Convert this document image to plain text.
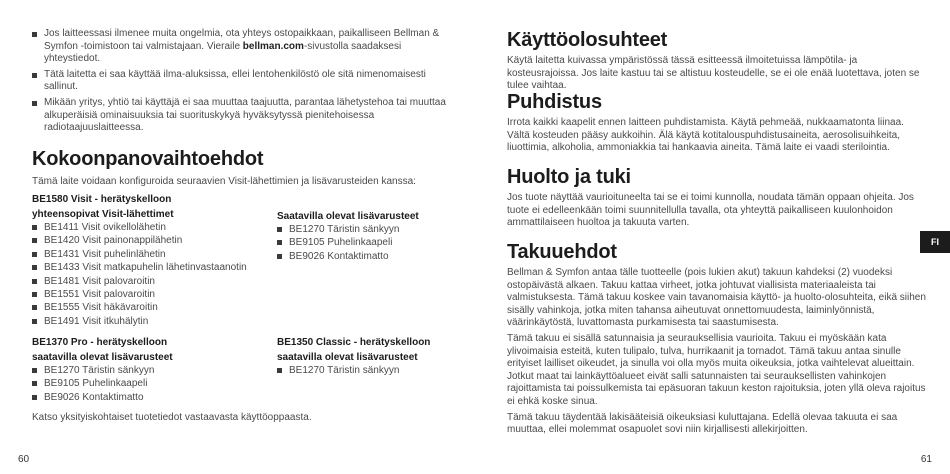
Jos laitteessasi ilmenee muita ongelmia, ota yhteys ostopaikkaan, paikalliseen Bellman & Symfon -toimistoon tai valmistajaan. Vieraile bellman.com-sivustolla saadaksesi yhteystiedot.
Tätä laitetta ei saa käyttää ilma-aluksissa, ellei lentohenkilöstö ole sitä nimenomaisesti sallinut.
Mikään yritys, yhtiö tai käyttäjä ei saa muuttaa taajuutta, parantaa lähetystehoa tai muuttaa alkuperäisiä ominaisuuksia tai suorituskykyä hyväksytyssä pienitehoisessa radiotaajuuslaitteessa.
Kokoonpanovaihtoehdot
Tämä laite voidaan konfiguroida seuraavien Visit-lähettimien ja lisävarusteiden kanssa:
BE1580 Visit - herätyskelloon
yhteensopivat Visit-lähettimet
BE1411 Visit ovikellolähetin
BE1420 Visit painonappilähetin
BE1431 Visit puhelinlähetin
BE1433 Visit matkapuhelin lähetinvastaanotin
BE1481 Visit palovaroitin
BE1551 Visit palovaroitin
BE1555 Visit häkävaroitin
BE1491 Visit itkuhälytin
Saatavilla olevat lisävarusteet
BE1270 Täristin sänkyyn
BE9105 Puhelinkaapeli
BE9026 Kontaktimatto
BE1370 Pro - herätyskelloon
saatavilla olevat lisävarusteet
BE1270 Täristin sänkyyn
BE9105 Puhelinkaapeli
BE9026 Kontaktimatto
BE1350 Classic - herätyskelloon
saatavilla olevat lisävarusteet
BE1270 Täristin sänkyyn
Katso yksityiskohtaiset tuotetiedot vastaavasta käyttöoppaasta.
60
Käyttöolosuhteet

Käytä laitetta kuivassa ympäristössä tässä esitteessä ilmoitetuissa lämpötila- ja kosteusrajoissa. Jos laite kastuu tai se altistuu kosteudelle, se ei ole enää luotettava, joten se tulee vaihtaa.

Puhdistus

Irrota kaikki kaapelit ennen laitteen puhdistamista. Käytä pehmeää, nukkaamatonta liinaa. Vältä kosteuden pääsy aukkoihin. Älä käytä kotitalouspuhdistusaineita, aerosolisuihkeita, liuottimia, alkoholia, ammoniakkia tai hankaavia aineita. Tämä laite ei vaadi sterilointia.

Huolto ja tuki

Jos tuote näyttää vaurioituneelta tai se ei toimi kunnolla, noudata tämän oppaan ohjeita. Jos tuote ei edelleenkään toimi suunnitellulla tavalla, ota yhteyttä paikalliseen kuulonhoidon ammattilaiseen huoltoa ja takuuta varten.

Takuuehdot

Bellman & Symfon antaa tälle tuotteelle (pois lukien akut) takuun kahdeksi (2) vuodeksi ostopäivästä alkaen. Takuu kattaa virheet, jotka johtuvat viallisista materiaaleista tai valmistuksesta. Tämä takuu koskee vain tavanomaisia käyttö- ja huolto-olosuhteita, eikä siihen sisälly vahinkoja, jotka miten tahansa aiheutuvat onnettomuudesta, laiminlyönnistä, väärinkäytöstä, luvattomasta purkamisesta tai saastumisesta.

Tämä takuu ei sisällä satunnaisia ja seurauksellisia vaurioita. Takuu ei myöskään kata ylivoimaisia esteitä, kuten tulipalo, tulva, hurrikaanit ja tornadot. Tämä takuu antaa sinulle erityiset lailliset oikeudet, ja sinulla voi olla myös muita oikeuksia, jotka vaihtelevat alueittain. Jotkut maat tai lainkäyttöalueet eivät salli satunnaisten tai seurauksellisten vahinkojen rajoittamista tai poissulkemista tai epäsuoran takuun keston rajoituksia, joten yllä oleva rajoitus ei ehkä koske sinua.

Tämä takuu täydentää lakisääteisiä oikeuksiasi kuluttajana. Edellä olevaa takuuta ei saa muuttaa, ellei molemmat osapuolet sovi niin kirjallisesti allekirjoitten.

FI
61
